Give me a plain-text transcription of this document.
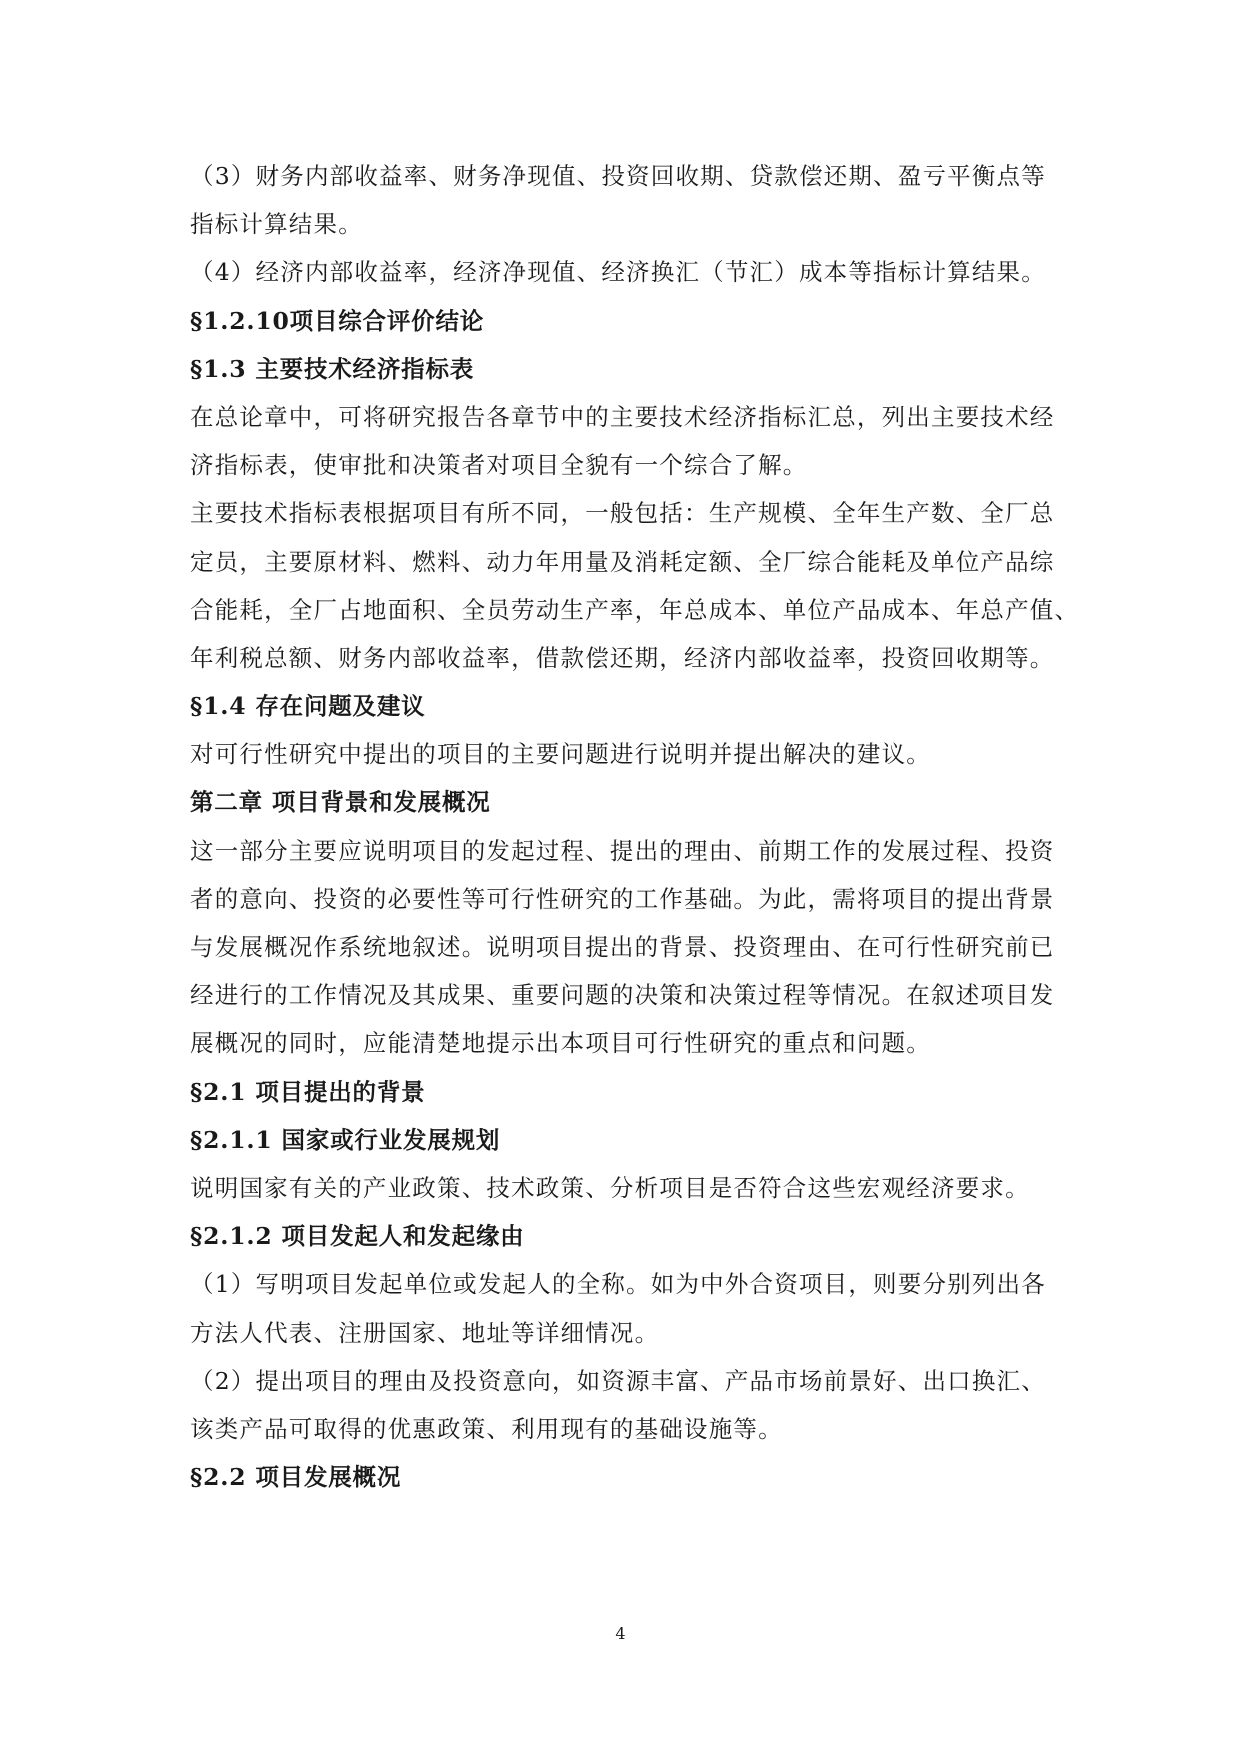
（3）财务内部收益率、财务净现值、投资回收期、贷款偿还期、盈亏平衡点等
指标计算结果。
（4）经济内部收益率，经济净现值、经济换汇（节汇）成本等指标计算结果。
§1.2.10项目综合评价结论
§1.3 主要技术经济指标表
在总论章中，可将研究报告各章节中的主要技术经济指标汇总，列出主要技术经
济指标表，使审批和决策者对项目全貌有一个综合了解。
主要技术指标表根据项目有所不同，一般包括：生产规模、全年生产数、全厂总
定员，主要原材料、燃料、动力年用量及消耗定额、全厂综合能耗及单位产品综
合能耗，全厂占地面积、全员劳动生产率，年总成本、单位产品成本、年总产值、
年利税总额、财务内部收益率，借款偿还期，经济内部收益率，投资回收期等。
§1.4 存在问题及建议
对可行性研究中提出的项目的主要问题进行说明并提出解决的建议。
第二章 项目背景和发展概况
这一部分主要应说明项目的发起过程、提出的理由、前期工作的发展过程、投资
者的意向、投资的必要性等可行性研究的工作基础。为此，需将项目的提出背景
与发展概况作系统地叙述。说明项目提出的背景、投资理由、在可行性研究前已
经进行的工作情况及其成果、重要问题的决策和决策过程等情况。在叙述项目发
展概况的同时，应能清楚地提示出本项目可行性研究的重点和问题。
§2.1 项目提出的背景
§2.1.1 国家或行业发展规划
说明国家有关的产业政策、技术政策、分析项目是否符合这些宏观经济要求。
§2.1.2 项目发起人和发起缘由
（1）写明项目发起单位或发起人的全称。如为中外合资项目，则要分别列出各
方法人代表、注册国家、地址等详细情况。
（2）提出项目的理由及投资意向，如资源丰富、产品市场前景好、出口换汇、
该类产品可取得的优惠政策、利用现有的基础设施等。
§2.2 项目发展概况
4
